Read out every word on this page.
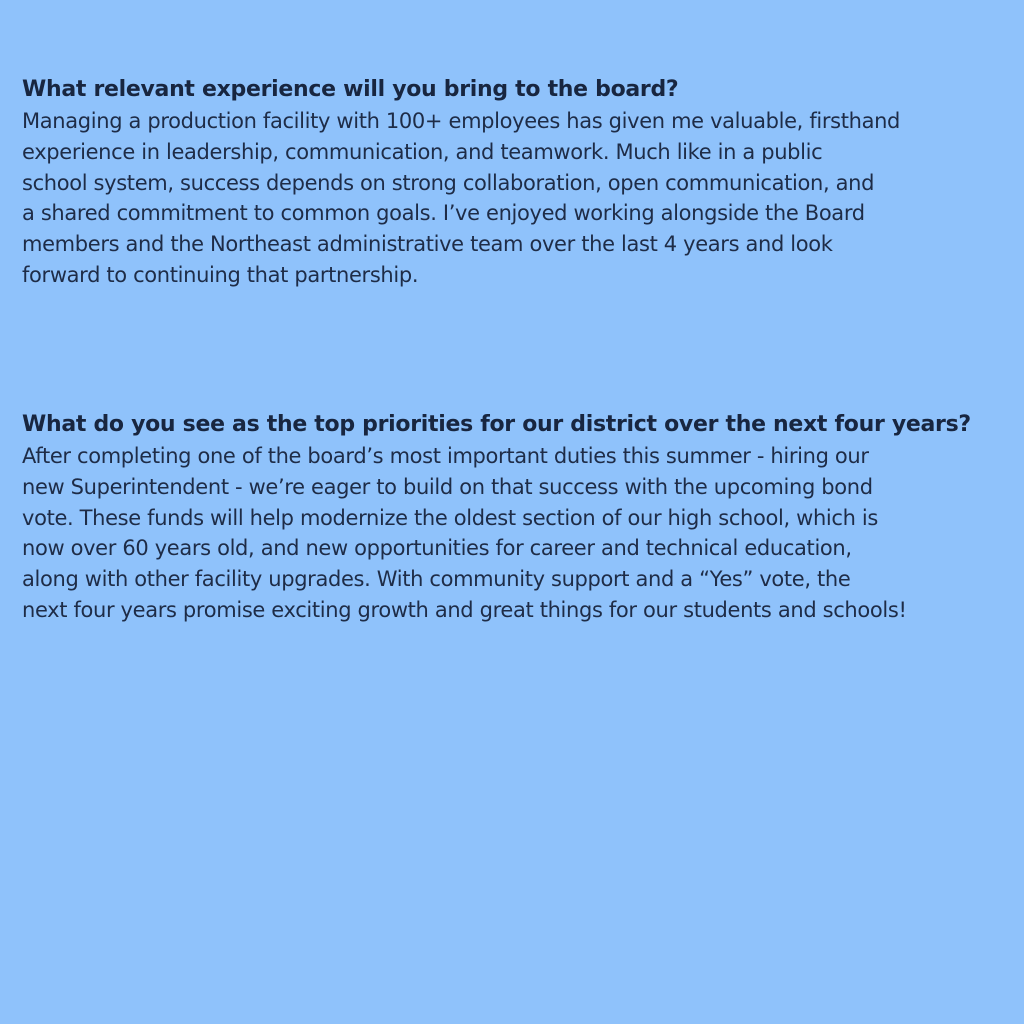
What relevant experience will you bring to the board?

Managing a production facility with 100+ employees has given me valuable, firsthand
experience in leadership, communication, and teamwork. Much like in a public
school system, success depends on strong collaboration, open communication, and
a shared commitment to common goals. I’ve enjoyed working alongside the Board
members and the Northeast administrative team over the last 4 years and look
forward to continuing that partnership.

What do you see as the top priorities for our district over the next four years?

After completing one of the board’s most important duties this summer - hiring our
new Superintendent - we’re eager to build on that success with the upcoming bond
vote. These funds will help modernize the oldest section of our high school, which is
now over 60 years old, and new opportunities for career and technical education,
along with other facility upgrades. With community support and a “Yes” vote, the
next four years promise exciting growth and great things for our students and schools!
